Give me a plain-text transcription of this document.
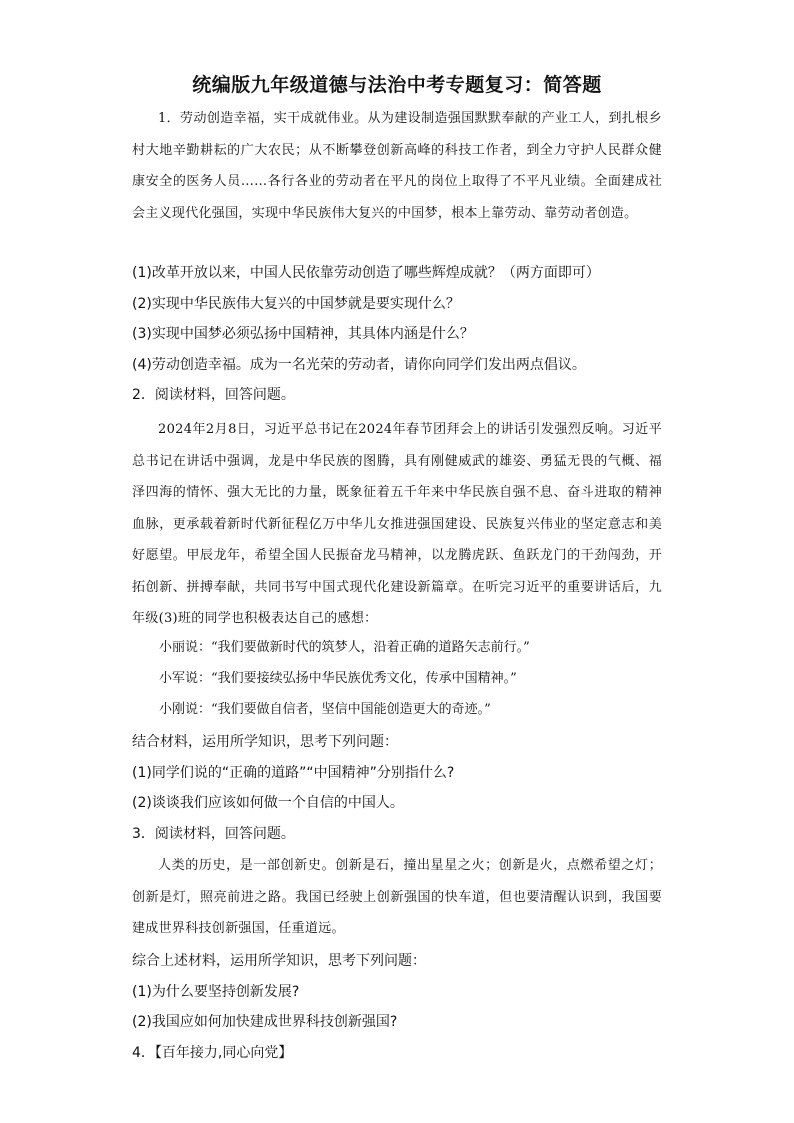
统编版九年级道德与法治中考专题复习：简答题

1．劳动创造幸福，实干成就伟业。从为建设制造强国默默奉献的产业工人，到扎根乡村大地辛勤耕耘的广大农民；从不断攀登创新高峰的科技工作者，到全力守护人民群众健康安全的医务人员……各行各业的劳动者在平凡的岗位上取得了不平凡业绩。全面建成社会主义现代化强国，实现中华民族伟大复兴的中国梦，根本上靠劳动、靠劳动者创造。

(1)改革开放以来，中国人民依靠劳动创造了哪些辉煌成就？（两方面即可）

(2)实现中华民族伟大复兴的中国梦就是要实现什么？

(3)实现中国梦必须弘扬中国精神，其具体内涵是什么？

(4)劳动创造幸福。成为一名光荣的劳动者，请你向同学们发出两点倡议。

2．阅读材料，回答问题。

2024年2月8日，习近平总书记在2024年春节团拜会上的讲话引发强烈反响。习近平总书记在讲话中强调，龙是中华民族的图腾，具有刚健威武的雄姿、勇猛无畏的气概、福泽四海的情怀、强大无比的力量，既象征着五千年来中华民族自强不息、奋斗进取的精神血脉，更承载着新时代新征程亿万中华儿女推进强国建设、民族复兴伟业的坚定意志和美好愿望。甲辰龙年，希望全国人民振奋龙马精神，以龙腾虎跃、鱼跃龙门的干劲闯劲，开拓创新、拼搏奉献，共同书写中国式现代化建设新篇章。在听完习近平的重要讲话后，九年级(3)班的同学也积极表达自己的感想：

小丽说：“我们要做新时代的筑梦人，沿着正确的道路矢志前行。”

小军说：“我们要接续弘扬中华民族优秀文化，传承中国精神。”

小刚说：“我们要做自信者，坚信中国能创造更大的奇迹。”

结合材料，运用所学知识，思考下列问题：

(1)同学们说的“正确的道路”“中国精神”分别指什么?

(2)谈谈我们应该如何做一个自信的中国人。

3．阅读材料，回答问题。

人类的历史，是一部创新史。创新是石，撞出星星之火；创新是火，点燃希望之灯；创新是灯，照亮前进之路。我国已经驶上创新强国的快车道，但也要清醒认识到，我国要建成世界科技创新强国，任重道远。

综合上述材料，运用所学知识，思考下列问题：

(1)为什么要坚持创新发展?

(2)我国应如何加快建成世界科技创新强国?

4．【百年接力,同心向党】
